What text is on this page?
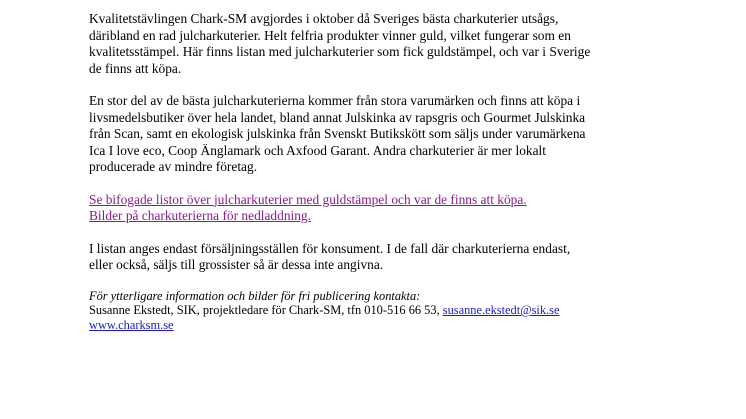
Kvalitetstävlingen Chark-SM avgjordes i oktober då Sveriges bästa charkuterier utsågs,
däribland en rad julcharkuterier. Helt felfria produkter vinner guld, vilket fungerar som en
kvalitetsstämpel. Här finns listan med julcharkuterier som fick guldstämpel, och var i Sverige
de finns att köpa.

En stor del av de bästa julcharkuterierna kommer från stora varumärken och finns att köpa i
livsmedelsbutiker över hela landet, bland annat Julskinka av rapsgris och Gourmet Julskinka
från Scan, samt en ekologisk julskinka från Svenskt Butikskött som säljs under varumärkena
Ica I love eco, Coop Änglamark och Axfood Garant. Andra charkuterier är mer lokalt
producerade av mindre företag.

Se bifogade listor över julcharkuterier med guldstämpel och var de finns att köpa.
Bilder på charkuterierna för nedladdning.

I listan anges endast försäljningsställen för konsument. I de fall där charkuterierna endast,
eller också, säljs till grossister så är dessa inte angivna.

För ytterligare information och bilder för fri publicering kontakta:
Susanne Ekstedt, SIK, projektledare för Chark-SM, tfn 010-516 66 53, susanne.ekstedt@sik.se
www.charksm.se
